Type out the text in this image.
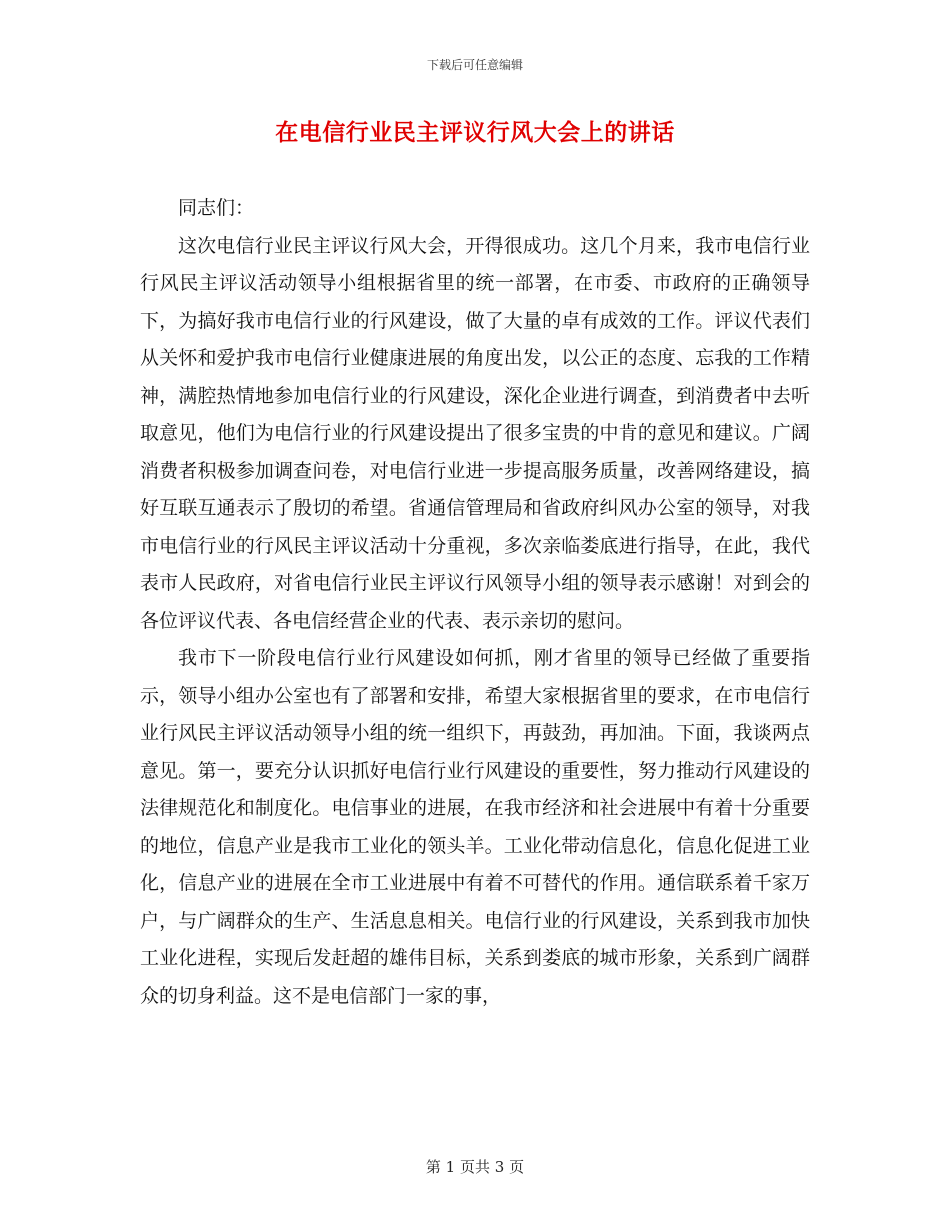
下载后可任意编辑
在电信行业民主评议行风大会上的讲话

同志们：

这次电信行业民主评议行风大会，开得很成功。这几个月来，我市电信行业行风民主评议活动领导小组根据省里的统一部署，在市委、市政府的正确领导下，为搞好我市电信行业的行风建设，做了大量的卓有成效的工作。评议代表们从关怀和爱护我市电信行业健康进展的角度出发，以公正的态度、忘我的工作精神，满腔热情地参加电信行业的行风建设，深化企业进行调查，到消费者中去听取意见，他们为电信行业的行风建设提出了很多宝贵的中肯的意见和建议。广阔消费者积极参加调查问卷，对电信行业进一步提高服务质量，改善网络建设，搞好互联互通表示了殷切的希望。省通信管理局和省政府纠风办公室的领导，对我市电信行业的行风民主评议活动十分重视，多次亲临娄底进行指导，在此，我代表市人民政府，对省电信行业民主评议行风领导小组的领导表示感谢！对到会的各位评议代表、各电信经营企业的代表、表示亲切的慰问。

我市下一阶段电信行业行风建设如何抓，刚才省里的领导已经做了重要指示，领导小组办公室也有了部署和安排，希望大家根据省里的要求，在市电信行业行风民主评议活动领导小组的统一组织下，再鼓劲，再加油。下面，我谈两点意见。第一，要充分认识抓好电信行业行风建设的重要性，努力推动行风建设的法律规范化和制度化。电信事业的进展，在我市经济和社会进展中有着十分重要的地位，信息产业是我市工业化的领头羊。工业化带动信息化，信息化促进工业化，信息产业的进展在全市工业进展中有着不可替代的作用。通信联系着千家万户，与广阔群众的生产、生活息息相关。电信行业的行风建设，关系到我市加快工业化进程，实现后发赶超的雄伟目标，关系到娄底的城市形象，关系到广阔群众的切身利益。这不是电信部门一家的事，

第 1 页共 3 页
